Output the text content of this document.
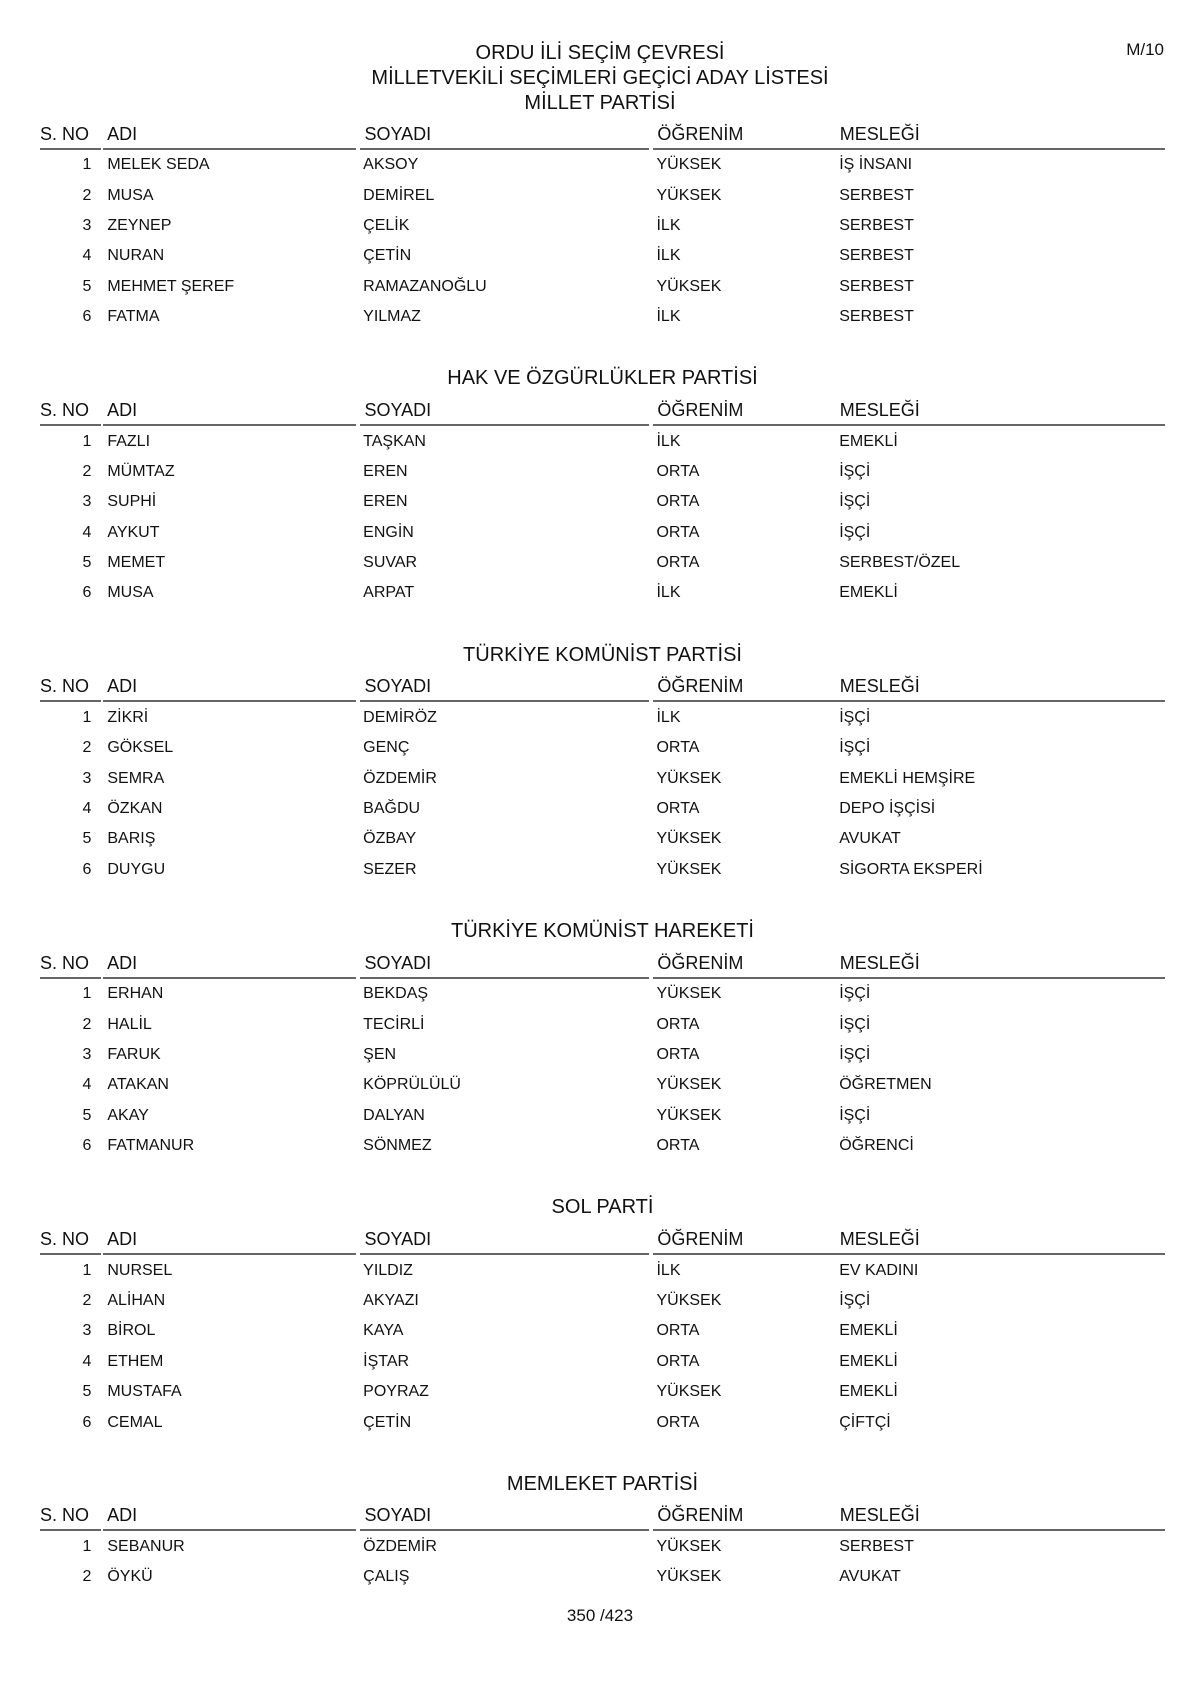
M/10
ORDU İLİ SEÇİM ÇEVRESİ
MİLLETVEKİLİ SEÇİMLERİ GEÇİCİ ADAY LİSTESİ
MİLLET PARTİSİ
S. NO	ADI	SOYADI	ÖĞRENİM	MESLEĞİ
1	MELEK SEDA	AKSOY	YÜKSEK	İŞ İNSANI
2	MUSA	DEMİREL	YÜKSEK	SERBEST
3	ZEYNEP	ÇELİK	İLK	SERBEST
4	NURAN	ÇETİN	İLK	SERBEST
5	MEHMET ŞEREF	RAMAZANOĞLU	YÜKSEK	SERBEST
6	FATMA	YILMAZ	İLK	SERBEST
HAK VE ÖZGÜRLÜKLER PARTİSİ
S. NO	ADI	SOYADI	ÖĞRENİM	MESLEĞİ
1	FAZLI	TAŞKAN	İLK	EMEKLİ
2	MÜMTAZ	EREN	ORTA	İŞÇİ
3	SUPHİ	EREN	ORTA	İŞÇİ
4	AYKUT	ENGİN	ORTA	İŞÇİ
5	MEMET	SUVAR	ORTA	SERBEST/ÖZEL
6	MUSA	ARPAT	İLK	EMEKLİ
TÜRKİYE KOMÜNİST PARTİSİ
S. NO	ADI	SOYADI	ÖĞRENİM	MESLEĞİ
1	ZİKRİ	DEMİRÖZ	İLK	İŞÇİ
2	GÖKSEL	GENÇ	ORTA	İŞÇİ
3	SEMRA	ÖZDEMİR	YÜKSEK	EMEKLİ HEMŞİRE
4	ÖZKAN	BAĞDU	ORTA	DEPO İŞÇİSİ
5	BARIŞ	ÖZBAY	YÜKSEK	AVUKAT
6	DUYGU	SEZER	YÜKSEK	SİGORTA EKSPERİ
TÜRKİYE KOMÜNİST HAREKETİ
S. NO	ADI	SOYADI	ÖĞRENİM	MESLEĞİ
1	ERHAN	BEKDAŞ	YÜKSEK	İŞÇİ
2	HALİL	TECİRLİ	ORTA	İŞÇİ
3	FARUK	ŞEN	ORTA	İŞÇİ
4	ATAKAN	KÖPRÜLÜLÜ	YÜKSEK	ÖĞRETMEN
5	AKAY	DALYAN	YÜKSEK	İŞÇİ
6	FATMANUR	SÖNMEZ	ORTA	ÖĞRENCİ
SOL PARTİ
S. NO	ADI	SOYADI	ÖĞRENİM	MESLEĞİ
1	NURSEL	YILDIZ	İLK	EV KADINI
2	ALİHAN	AKYAZI	YÜKSEK	İŞÇİ
3	BİROL	KAYA	ORTA	EMEKLİ
4	ETHEM	İŞTAR	ORTA	EMEKLİ
5	MUSTAFA	POYRAZ	YÜKSEK	EMEKLİ
6	CEMAL	ÇETİN	ORTA	ÇİFTÇİ
MEMLEKET PARTİSİ
S. NO	ADI	SOYADI	ÖĞRENİM	MESLEĞİ
1	SEBANUR	ÖZDEMİR	YÜKSEK	SERBEST
2	ÖYKÜ	ÇALIŞ	YÜKSEK	AVUKAT
350 /423
